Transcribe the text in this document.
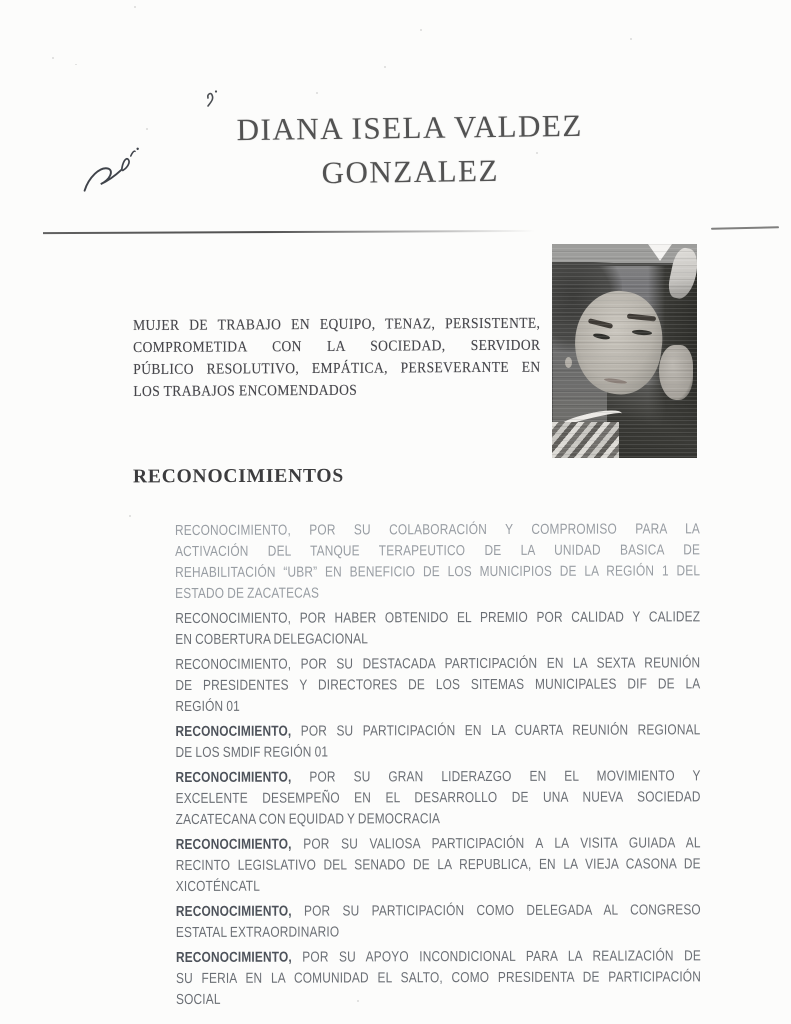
DIANA ISELA VALDEZ
GONZALEZ
MUJER DE TRABAJO EN EQUIPO, TENAZ, PERSISTENTE,
COMPROMETIDA CON LA SOCIEDAD, SERVIDOR
PÚBLICO RESOLUTIVO, EMPÁTICA, PERSEVERANTE EN
LOS TRABAJOS ENCOMENDADOS
RECONOCIMIENTOS
RECONOCIMIENTO, POR SU COLABORACIÓN Y COMPROMISO PARA LA
ACTIVACIÓN DEL TANQUE TERAPEUTICO DE LA UNIDAD BASICA DE
REHABILITACIÓN “UBR” EN BENEFICIO DE LOS MUNICIPIOS DE LA REGIÓN 1 DEL
ESTADO DE ZACATECAS
RECONOCIMIENTO, POR HABER OBTENIDO EL PREMIO POR CALIDAD Y CALIDEZ
EN COBERTURA DELEGACIONAL
RECONOCIMIENTO, POR SU DESTACADA PARTICIPACIÓN EN LA SEXTA REUNIÓN
DE PRESIDENTES Y DIRECTORES DE LOS SITEMAS MUNICIPALES DIF DE LA
REGIÓN 01
RECONOCIMIENTO, POR SU PARTICIPACIÓN EN LA CUARTA REUNIÓN REGIONAL
DE LOS SMDIF REGIÓN 01
RECONOCIMIENTO, POR SU GRAN LIDERAZGO EN EL MOVIMIENTO Y
EXCELENTE DESEMPEÑO EN EL DESARROLLO DE UNA NUEVA SOCIEDAD
ZACATECANA CON EQUIDAD Y DEMOCRACIA
RECONOCIMIENTO, POR SU VALIOSA PARTICIPACIÓN A LA VISITA GUIADA AL
RECINTO LEGISLATIVO DEL SENADO DE LA REPUBLICA, EN LA VIEJA CASONA DE
XICOTÉNCATL
RECONOCIMIENTO, POR SU PARTICIPACIÓN COMO DELEGADA AL CONGRESO
ESTATAL EXTRAORDINARIO
RECONOCIMIENTO, POR SU APOYO INCONDICIONAL PARA LA REALIZACIÓN DE
SU FERIA EN LA COMUNIDAD EL SALTO, COMO PRESIDENTA DE PARTICIPACIÓN
SOCIAL
